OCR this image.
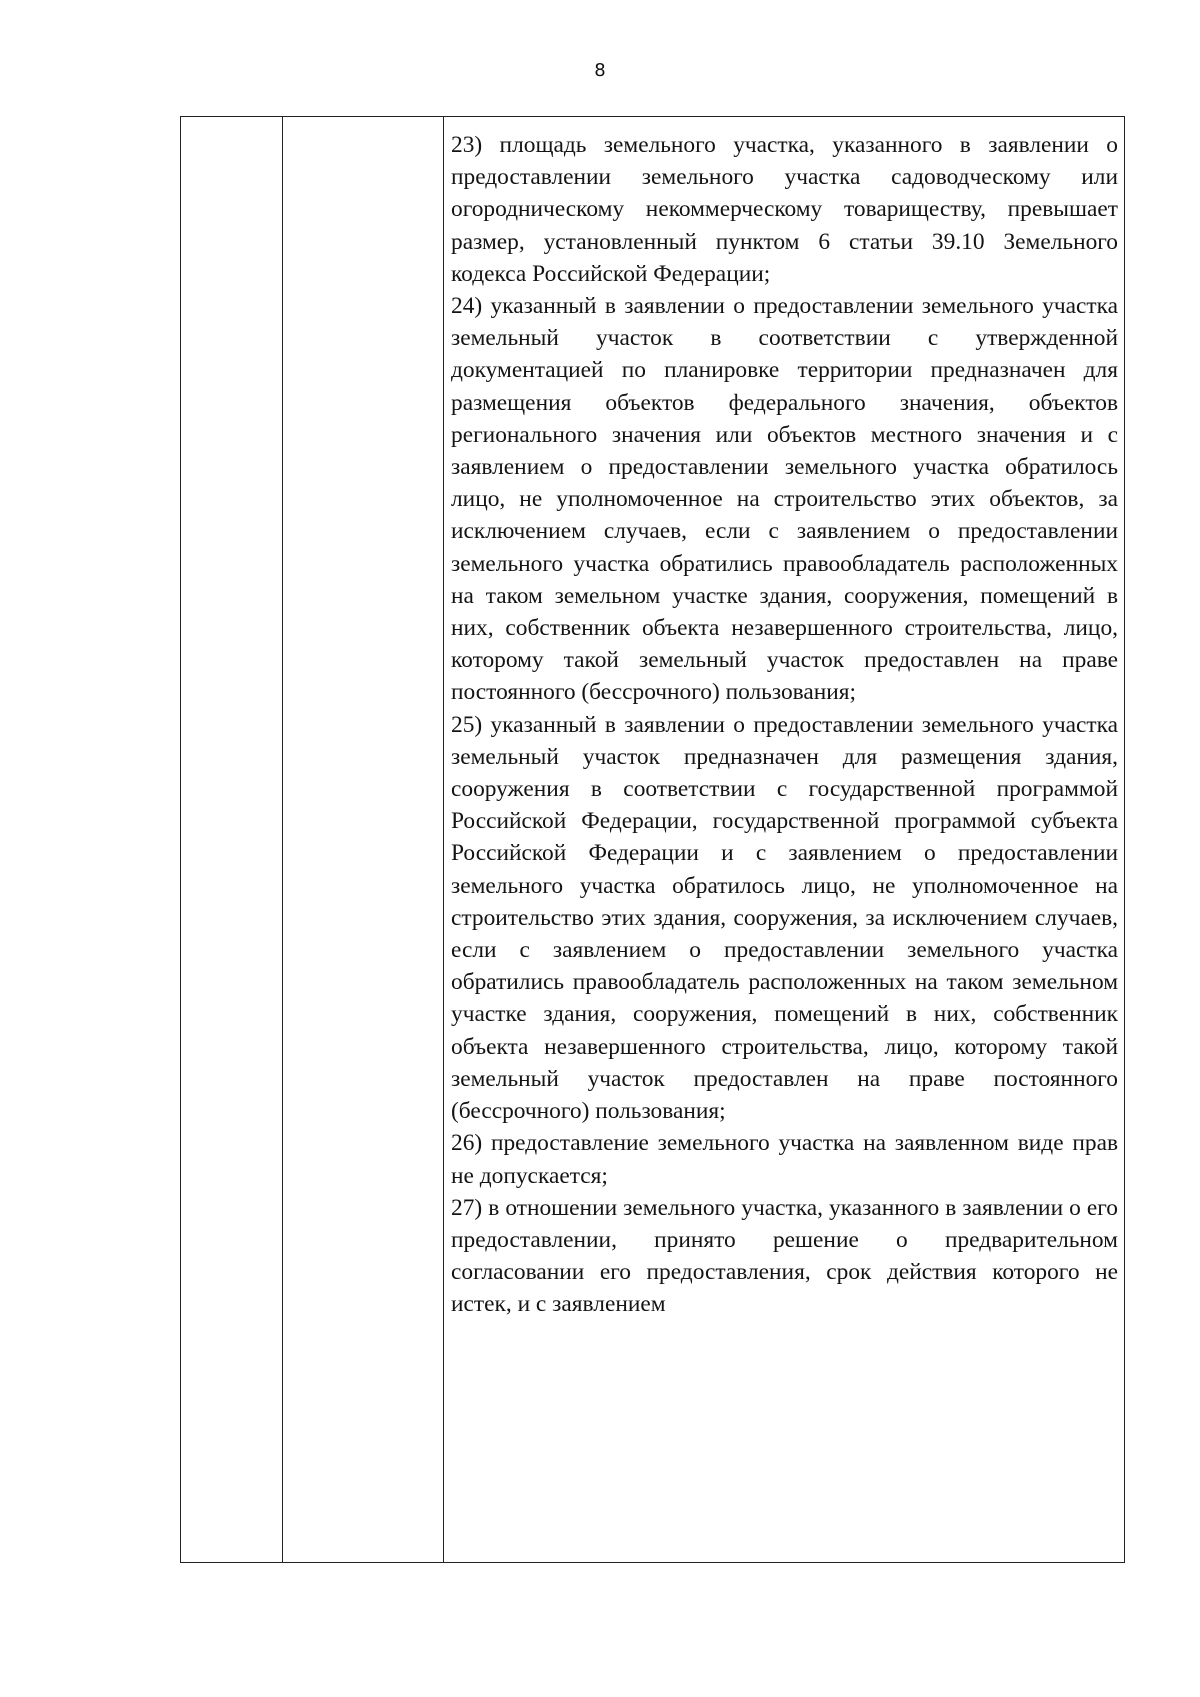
8

23) площадь земельного участка, указанного в заявлении о предоставлении земельного участка садоводческому или огородническому некоммерческому товариществу, превышает размер, установленный пунктом 6 статьи 39.10 Земельного кодекса Российской Федерации;

24) указанный в заявлении о предоставлении земельного участка земельный участок в соответствии с утвержденной документацией по планировке территории предназначен для размещения объектов федерального значения, объектов регионального значения или объектов местного значения и с заявлением о предоставлении земельного участка обратилось лицо, не уполномоченное на строительство этих объектов, за исключением случаев, если с заявлением о предоставлении земельного участка обратились правообладатель расположенных на таком земельном участке здания, сооружения, помещений в них, собственник объекта незавершенного строительства, лицо, которому такой земельный участок предоставлен на праве постоянного (бессрочного) пользования;

25) указанный в заявлении о предоставлении земельного участка земельный участок предназначен для размещения здания, сооружения в соответствии с государственной программой Российской Федерации, государственной программой субъекта Российской Федерации и с заявлением о предоставлении земельного участка обратилось лицо, не уполномоченное на строительство этих здания, сооружения, за исключением случаев, если с заявлением о предоставлении земельного участка обратились правообладатель расположенных на таком земельном участке здания, сооружения, помещений в них, собственник объекта незавершенного строительства, лицо, которому такой земельный участок предоставлен на праве постоянного (бессрочного) пользования;

26) предоставление земельного участка на заявленном виде прав не допускается;

27) в отношении земельного участка, указанного в заявлении о его предоставлении, принято решение о предварительном согласовании его предоставления, срок действия которого не истек, и с заявлением
